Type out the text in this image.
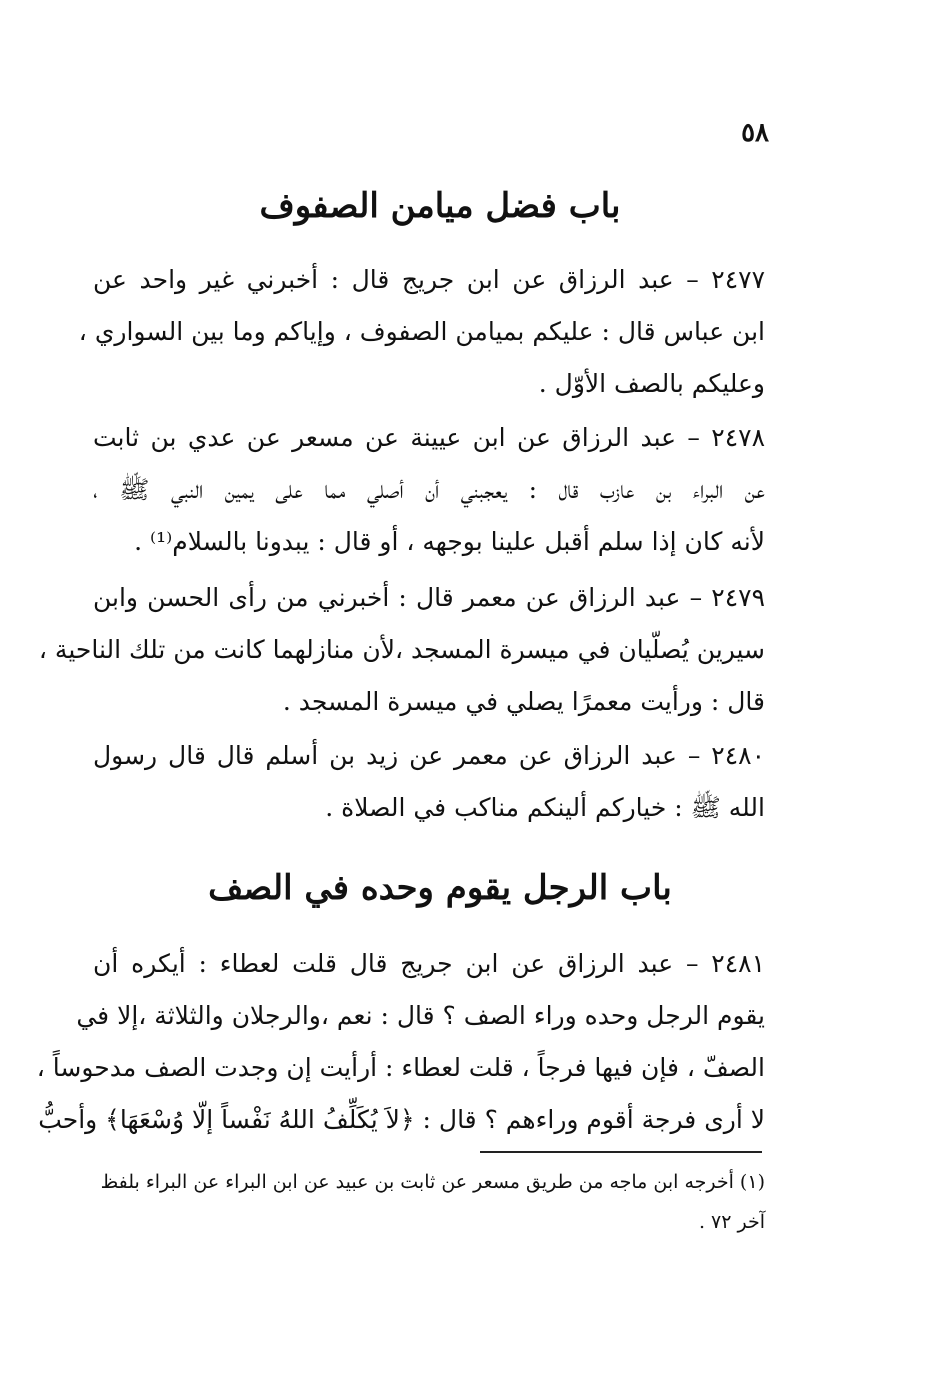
٥٨
باب فضل ميامن الصفوف
٢٤٧٧ – عبد الرزاق عن ابن جريج قال : أخبرني غير واحد عن
ابن عباس قال : عليكم بميامن الصفوف ، وإياكم وما بين السواري ،
وعليكم بالصف الأوّل .
٢٤٧٨ – عبد الرزاق عن ابن عيينة عن مسعر عن عدي بن ثابت
عن البراء بن عازب قال : يعجبني أن أصلي مما على يمين النبي ﷺ ،
لأنه كان إذا سلم أقبل علينا بوجهه ، أو قال : يبدونا بالسلام⁽¹⁾ .
٢٤٧٩ – عبد الرزاق عن معمر قال : أخبرني من رأى الحسن وابن
سيرين يُصلّيان في ميسرة المسجد ،لأن منازلهما كانت من تلك الناحية ،
قال : ورأيت معمرًا يصلي في ميسرة المسجد .
٢٤٨٠ – عبد الرزاق عن معمر عن زيد بن أسلم قال قال رسول
الله ﷺ : خياركم ألينكم مناكب في الصلاة .
باب الرجل يقوم وحده في الصف
٢٤٨١ – عبد الرزاق عن ابن جريج قال قلت لعطاء : أيكره أن
يقوم الرجل وحده وراء الصف ؟ قال : نعم ،والرجلان والثلاثة ،إلا في
الصفّ ، فإن فيها فرجاً ، قلت لعطاء : أرأيت إن وجدت الصف مدحوساً ،
لا أرى فرجة أقوم وراءهم ؟ قال : ﴿لاَ يُكَلِّفُ اللهُ نَفْساً إلّا وُسْعَهَا﴾ وأحبُّ
(١) أخرجه ابن ماجه من طريق مسعر عن ثابت بن عبيد عن ابن البراء عن البراء بلفظ
آخر ٧٢ .
